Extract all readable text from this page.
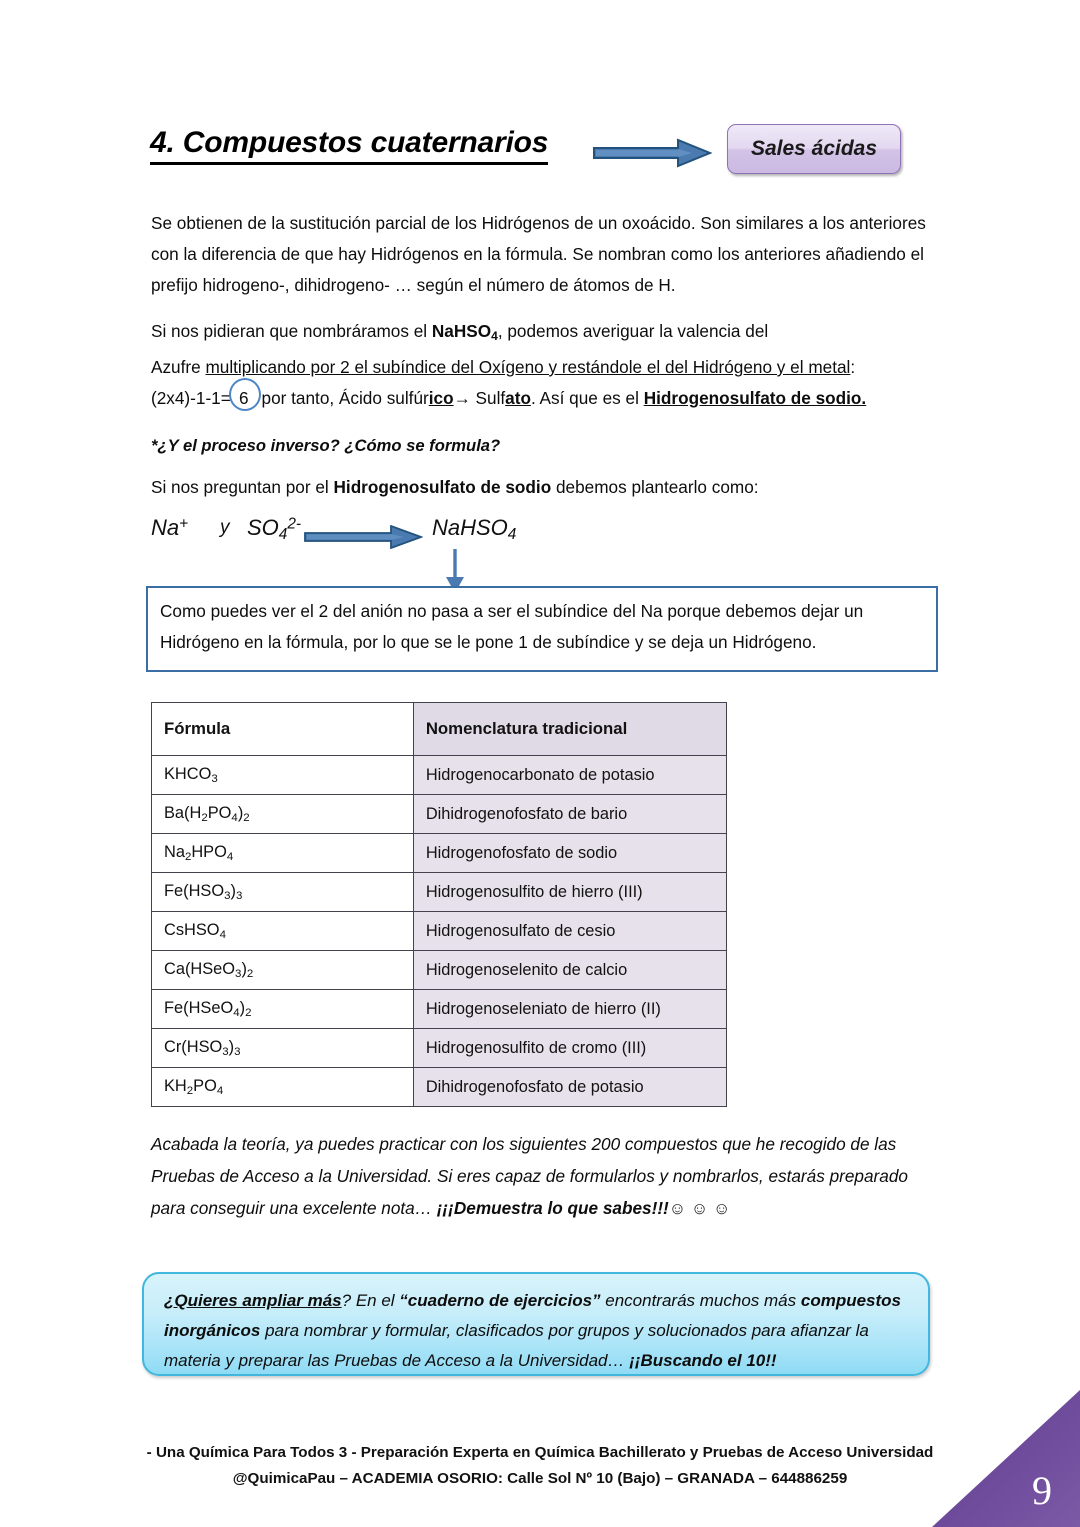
4. Compuestos cuaternarios	Sales ácidas
Se obtienen de la sustitución parcial de los Hidrógenos de un oxoácido. Son similares a los anteriores con la diferencia de que hay Hidrógenos en la fórmula. Se nombran como los anteriores añadiendo el prefijo hidrogeno-, dihidrogeno- … según el número de átomos de H.
Si nos pidieran que nombráramos el NaHSO$_4$, podemos averiguar la valencia del
Azufre multiplicando por 2 el subíndice del Oxígeno y restándole el del Hidrógeno y el metal:
(2x4)-1-1= 6 por tanto, Ácido sulfúrico→ Sulfato. Así que es el Hidrogenosulfato de sodio.
*¿Y el proceso inverso? ¿Cómo se formula?
Si nos preguntan por el Hidrogenosulfato de sodio debemos plantearlo como:
Na+ y $SO_4^{2-}$	NaHSO$_4$
Como puedes ver el 2 del anión no pasa a ser el subíndice del Na porque debemos dejar un Hidrógeno en la fórmula, por lo que se le pone 1 de subíndice y se deja un Hidrógeno.
Fórmula	Nomenclatura tradicional
$KHCO_3$	Hidrogenocarbonato de potasio
$Ba(H_2PO_4)_2$	Dihidrogenofosfato de bario
$Na_2HPO_4$	Hidrogenofosfato de sodio
$Fe(HSO_3)_3$	Hidrogenosulfito de hierro (III)
CsHSO$_4$	Hidrogenosulfato de cesio
$Ca(HSeO_3)_2$	Hidrogenoselenito de calcio
$Fe(HSeO_4)_2$	Hidrogenoseleniato de hierro (II)
$Cr(HSO_3)_3$	Hidrogenosulfito de cromo (III)
$KH_2PO_4$	Dihidrogenofosfato de potasio
Acabada la teoría, ya puedes practicar con los siguientes 200 compuestos que he recogido de las Pruebas de Acceso a la Universidad. Si eres capaz de formularlos y nombrarlos, estarás preparado para conseguir una excelente nota… ¡¡¡Demuestra lo que sabes!!!☺ ☺ ☺
¿Quieres ampliar más? En el “cuaderno de ejercicios” encontrarás muchos más compuestos inorgánicos para nombrar y formular, clasificados por grupos y solucionados para afianzar la materia y preparar las Pruebas de Acceso a la Universidad… ¡¡Buscando el 10!!
- Una Química Para Todos 3 - Preparación Experta en Química Bachillerato y Pruebas de Acceso Universidad
@QuimicaPau – ACADEMIA OSORIO: Calle Sol Nº 10 (Bajo) – GRANADA – 644886259	9
